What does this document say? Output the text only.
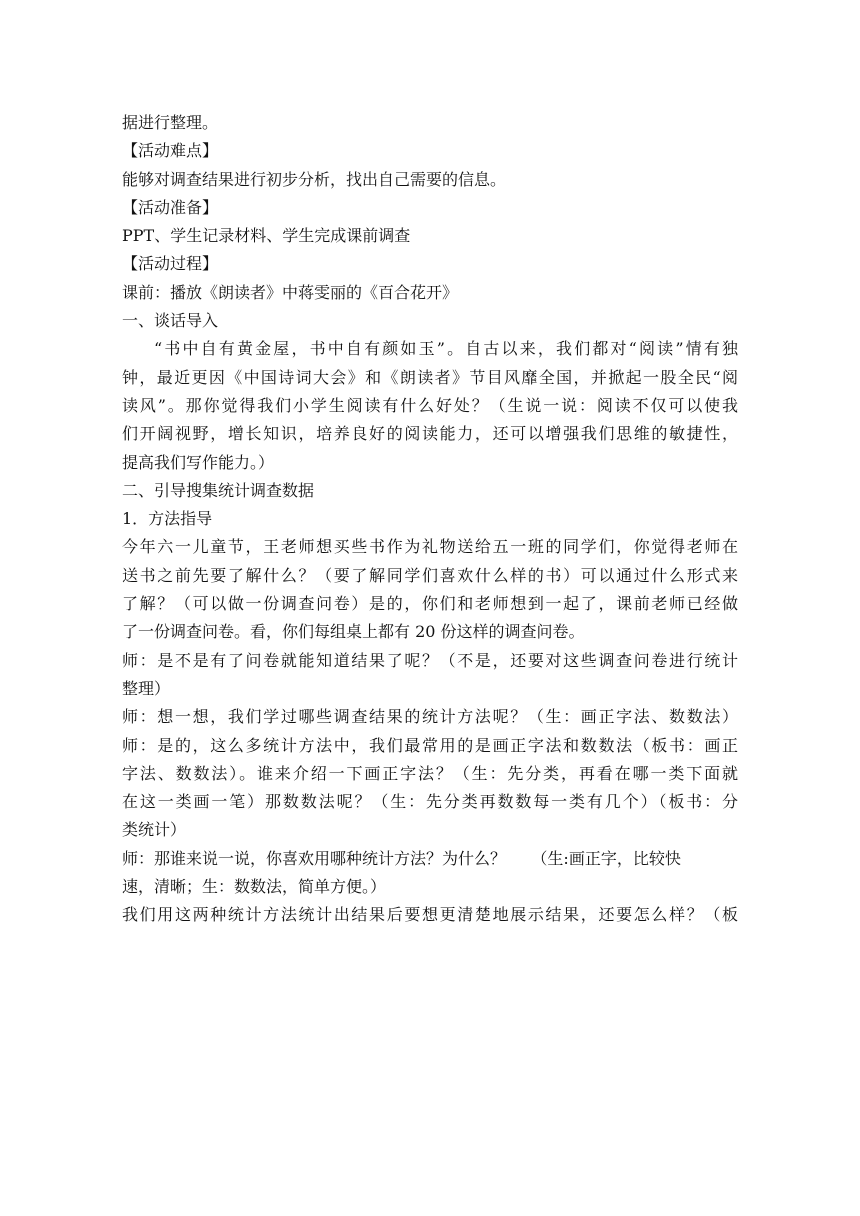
据进行整理。

【活动难点】

能够对调查结果进行初步分析，找出自己需要的信息。

【活动准备】

PPT、学生记录材料、学生完成课前调查

【活动过程】

课前：播放《朗读者》中蒋雯丽的《百合花开》

一、谈话导入

“书中自有黄金屋，书中自有颜如玉”。自古以来，我们都对“阅读”情有独

钟，最近更因《中国诗词大会》和《朗读者》节目风靡全国，并掀起一股全民“阅

读风”。那你觉得我们小学生阅读有什么好处？（生说一说：阅读不仅可以使我

们开阔视野，增长知识，培养良好的阅读能力，还可以增强我们思维的敏捷性，

提高我们写作能力。）

二、引导搜集统计调查数据

1．方法指导

今年六一儿童节，王老师想买些书作为礼物送给五一班的同学们，你觉得老师在

送书之前先要了解什么？（要了解同学们喜欢什么样的书）可以通过什么形式来

了解？（可以做一份调查问卷）是的，你们和老师想到一起了，课前老师已经做

了一份调查问卷。看，你们每组桌上都有 20 份这样的调查问卷。

师：是不是有了问卷就能知道结果了呢？（不是，还要对这些调查问卷进行统计

整理）

师：想一想，我们学过哪些调查结果的统计方法呢？（生：画正字法、数数法）

师：是的，这么多统计方法中，我们最常用的是画正字法和数数法（板书：画正

字法、数数法）。谁来介绍一下画正字法？（生：先分类，再看在哪一类下面就

在这一类画一笔）那数数法呢？（生：先分类再数数每一类有几个）（板书：分

类统计）

师：那谁来说一说，你喜欢用哪种统计方法？为什么？     （生:画正字，比较快

速，清晰；生：数数法，简单方便。）

我们用这两种统计方法统计出结果后要想更清楚地展示结果，还要怎么样？（板
